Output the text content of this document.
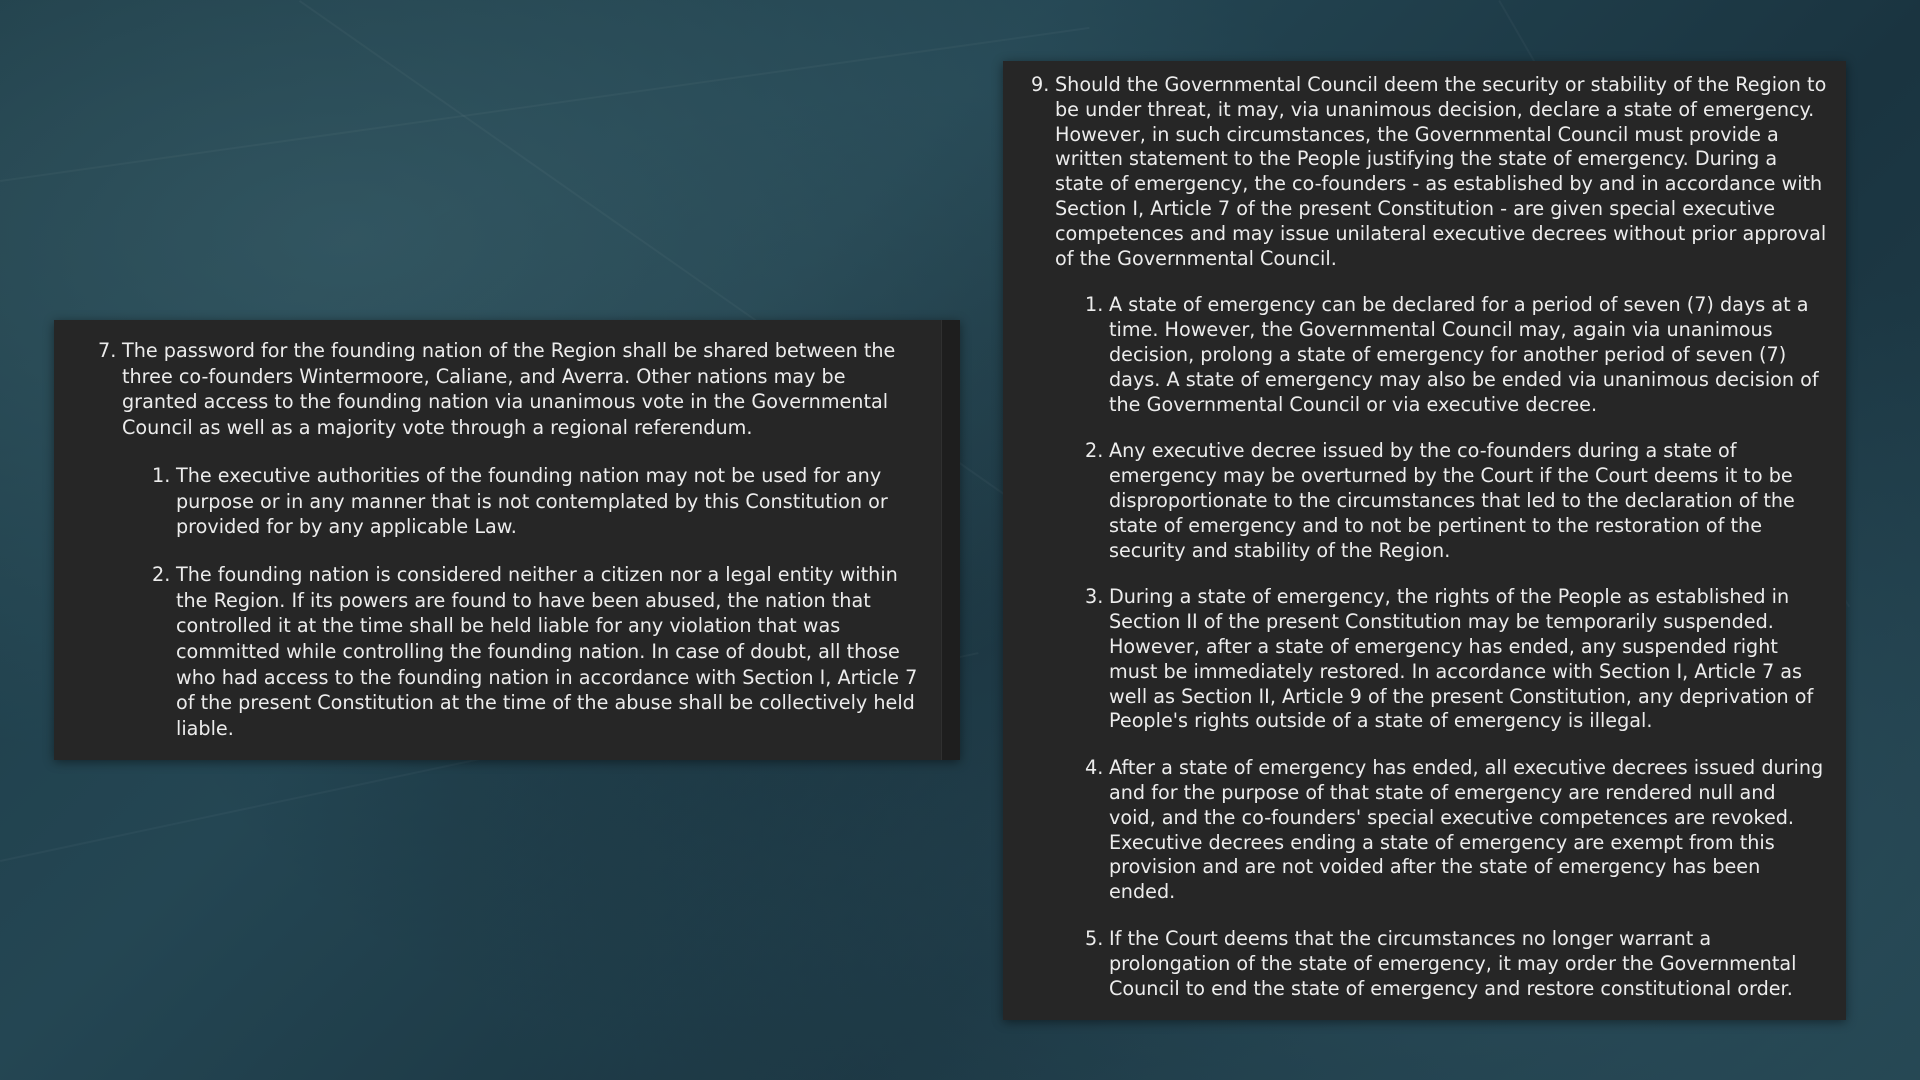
7. The password for the founding nation of the Region shall be shared between the three co-founders Wintermoore, Caliane, and Averra. Other nations may be granted access to the founding nation via unanimous vote in the Governmental Council as well as a majority vote through a regional referendum.

1. The executive authorities of the founding nation may not be used for any purpose or in any manner that is not contemplated by this Constitution or provided for by any applicable Law.

2. The founding nation is considered neither a citizen nor a legal entity within the Region. If its powers are found to have been abused, the nation that controlled it at the time shall be held liable for any violation that was committed while controlling the founding nation. In case of doubt, all those who had access to the founding nation in accordance with Section I, Article 7 of the present Constitution at the time of the abuse shall be collectively held liable.

9. Should the Governmental Council deem the security or stability of the Region to be under threat, it may, via unanimous decision, declare a state of emergency. However, in such circumstances, the Governmental Council must provide a written statement to the People justifying the state of emergency. During a state of emergency, the co-founders - as established by and in accordance with Section I, Article 7 of the present Constitution - are given special executive competences and may issue unilateral executive decrees without prior approval of the Governmental Council.

1. A state of emergency can be declared for a period of seven (7) days at a time. However, the Governmental Council may, again via unanimous decision, prolong a state of emergency for another period of seven (7) days. A state of emergency may also be ended via unanimous decision of the Governmental Council or via executive decree.

2. Any executive decree issued by the co-founders during a state of emergency may be overturned by the Court if the Court deems it to be disproportionate to the circumstances that led to the declaration of the state of emergency and to not be pertinent to the restoration of the security and stability of the Region.

3. During a state of emergency, the rights of the People as established in Section II of the present Constitution may be temporarily suspended. However, after a state of emergency has ended, any suspended right must be immediately restored. In accordance with Section I, Article 7 as well as Section II, Article 9 of the present Constitution, any deprivation of People's rights outside of a state of emergency is illegal.

4. After a state of emergency has ended, all executive decrees issued during and for the purpose of that state of emergency are rendered null and void, and the co-founders' special executive competences are revoked. Executive decrees ending a state of emergency are exempt from this provision and are not voided after the state of emergency has been ended.

5. If the Court deems that the circumstances no longer warrant a prolongation of the state of emergency, it may order the Governmental Council to end the state of emergency and restore constitutional order.
